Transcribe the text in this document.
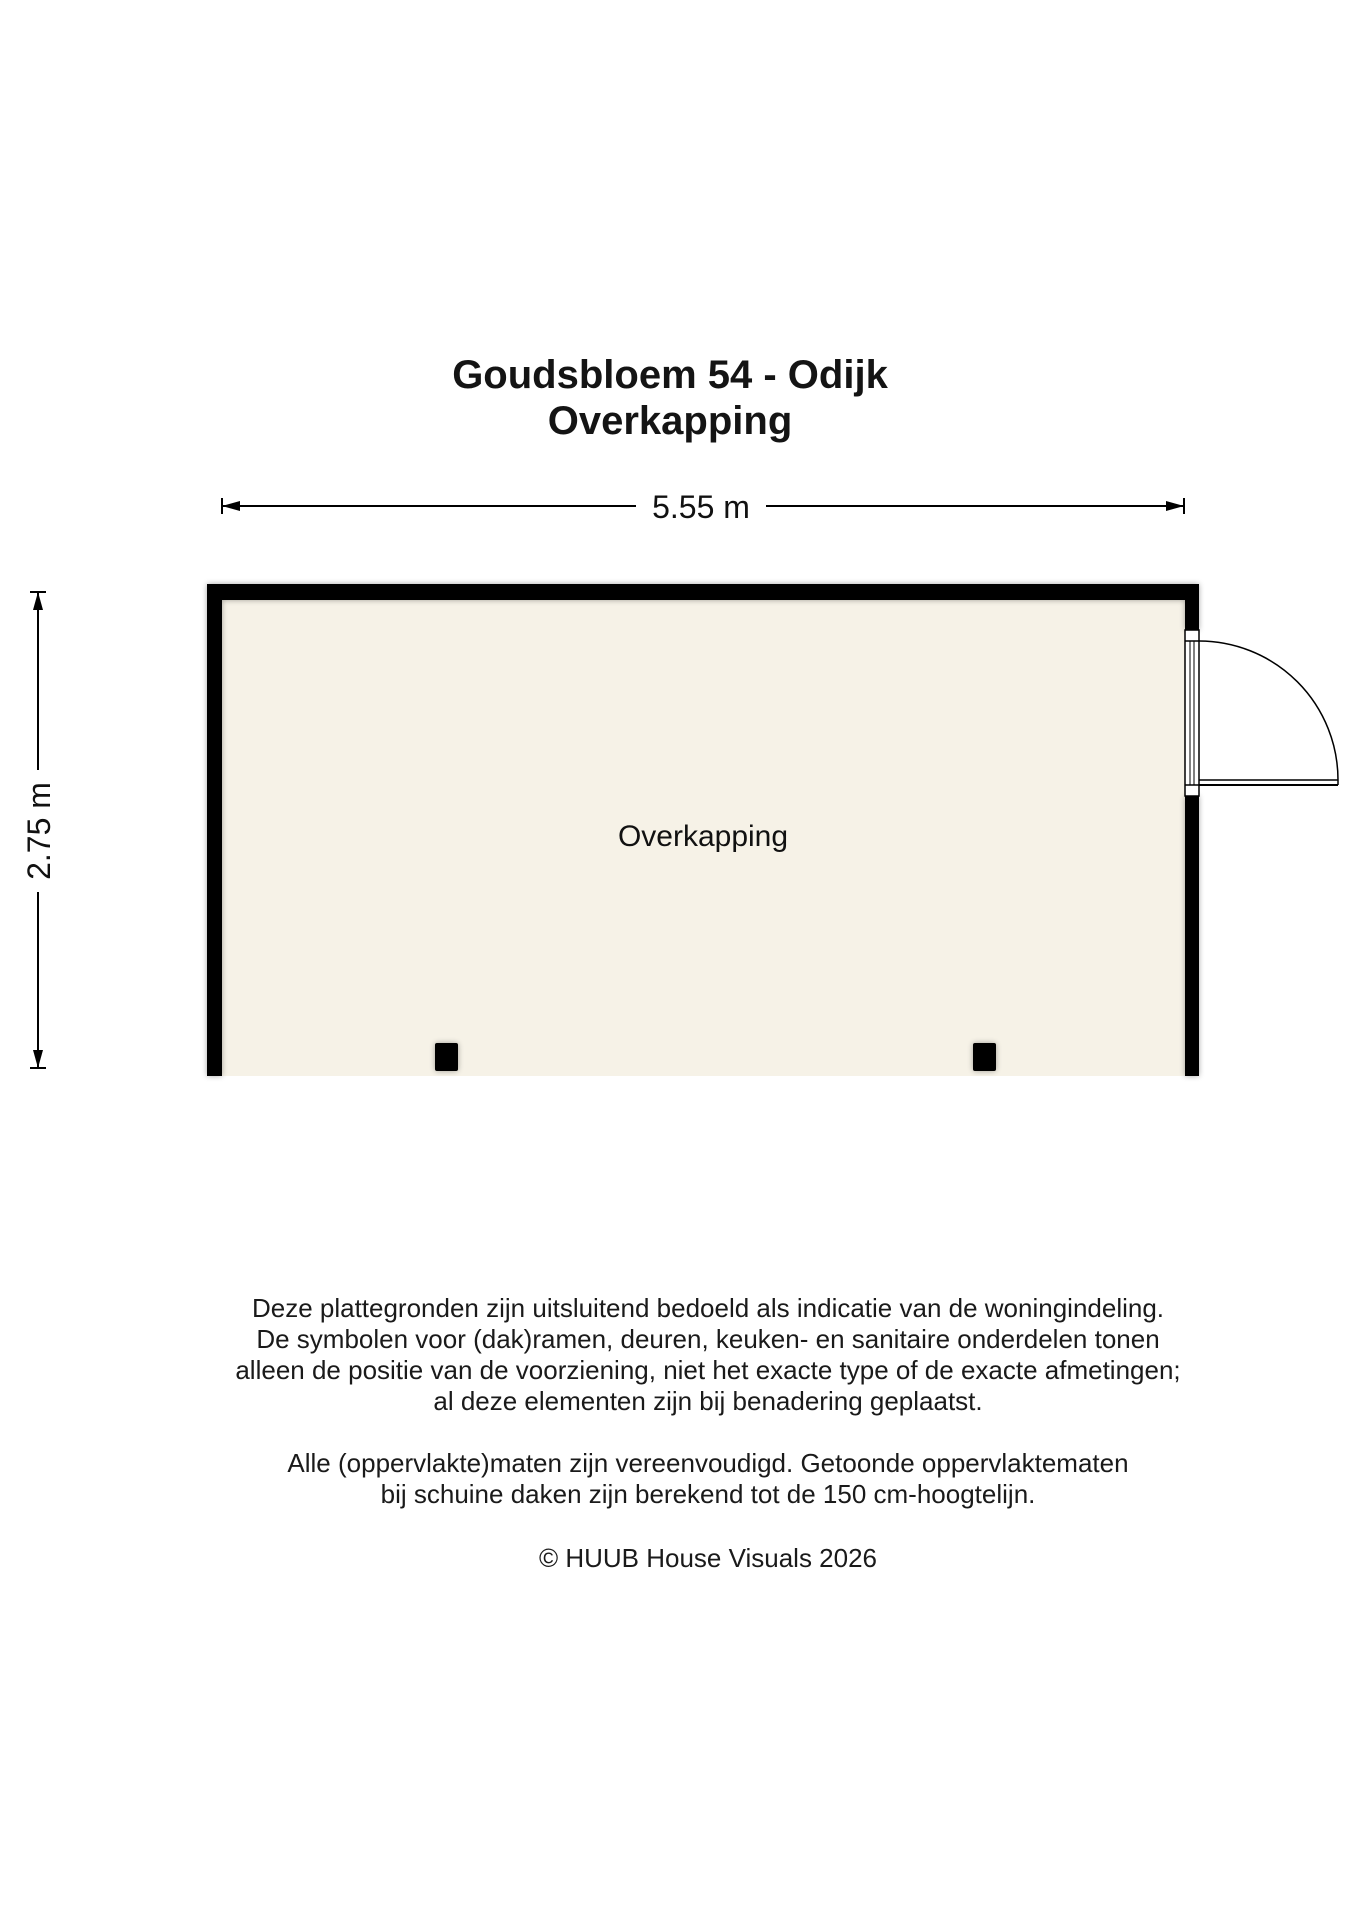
Goudsbloem 54 - Odijk
Overkapping
5.55 m
2.75 m	Overkapping

Deze plattegronden zijn uitsluitend bedoeld als indicatie van de woningindeling.

De symbolen voor (dak)ramen, deuren, keuken- en sanitaire onderdelen tonen

alleen de positie van de voorziening, niet het exacte type of de exacte afmetingen;

al deze elementen zijn bij benadering geplaatst.

Alle (oppervlakte)maten zijn vereenvoudigd. Getoonde oppervlaktematen

bij schuine daken zijn berekend tot de 150 cm-hoogtelijn.

© HUUB House Visuals 2026
